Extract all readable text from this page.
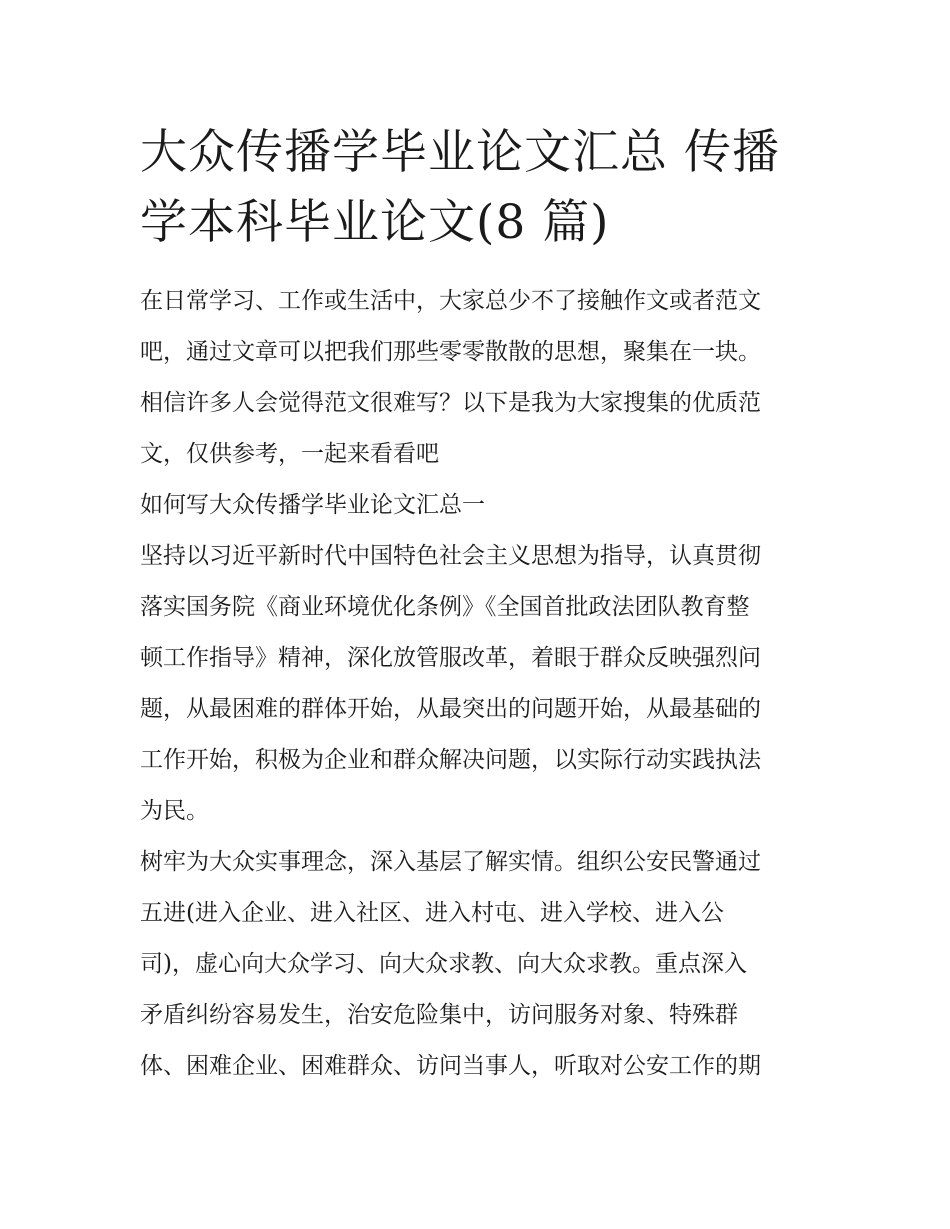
大众传播学毕业论文汇总 传播
学本科毕业论文(8 篇)

在日常学习、工作或生活中，大家总少不了接触作文或者范文
吧，通过文章可以把我们那些零零散散的思想，聚集在一块。
相信许多人会觉得范文很难写？以下是我为大家搜集的优质范
文，仅供参考，一起来看看吧

如何写大众传播学毕业论文汇总一

坚持以习近平新时代中国特色社会主义思想为指导，认真贯彻
落实国务院《商业环境优化条例》《全国首批政法团队教育整
顿工作指导》精神，深化放管服改革，着眼于群众反映强烈问
题，从最困难的群体开始，从最突出的问题开始，从最基础的
工作开始，积极为企业和群众解决问题，以实际行动实践执法
为民。

树牢为大众实事理念，深入基层了解实情。组织公安民警通过
五进(进入企业、进入社区、进入村屯、进入学校、进入公
司)，虚心向大众学习、向大众求教、向大众求教。重点深入
矛盾纠纷容易发生，治安危险集中，访问服务对象、特殊群
体、困难企业、困难群众、访问当事人，听取对公安工作的期
